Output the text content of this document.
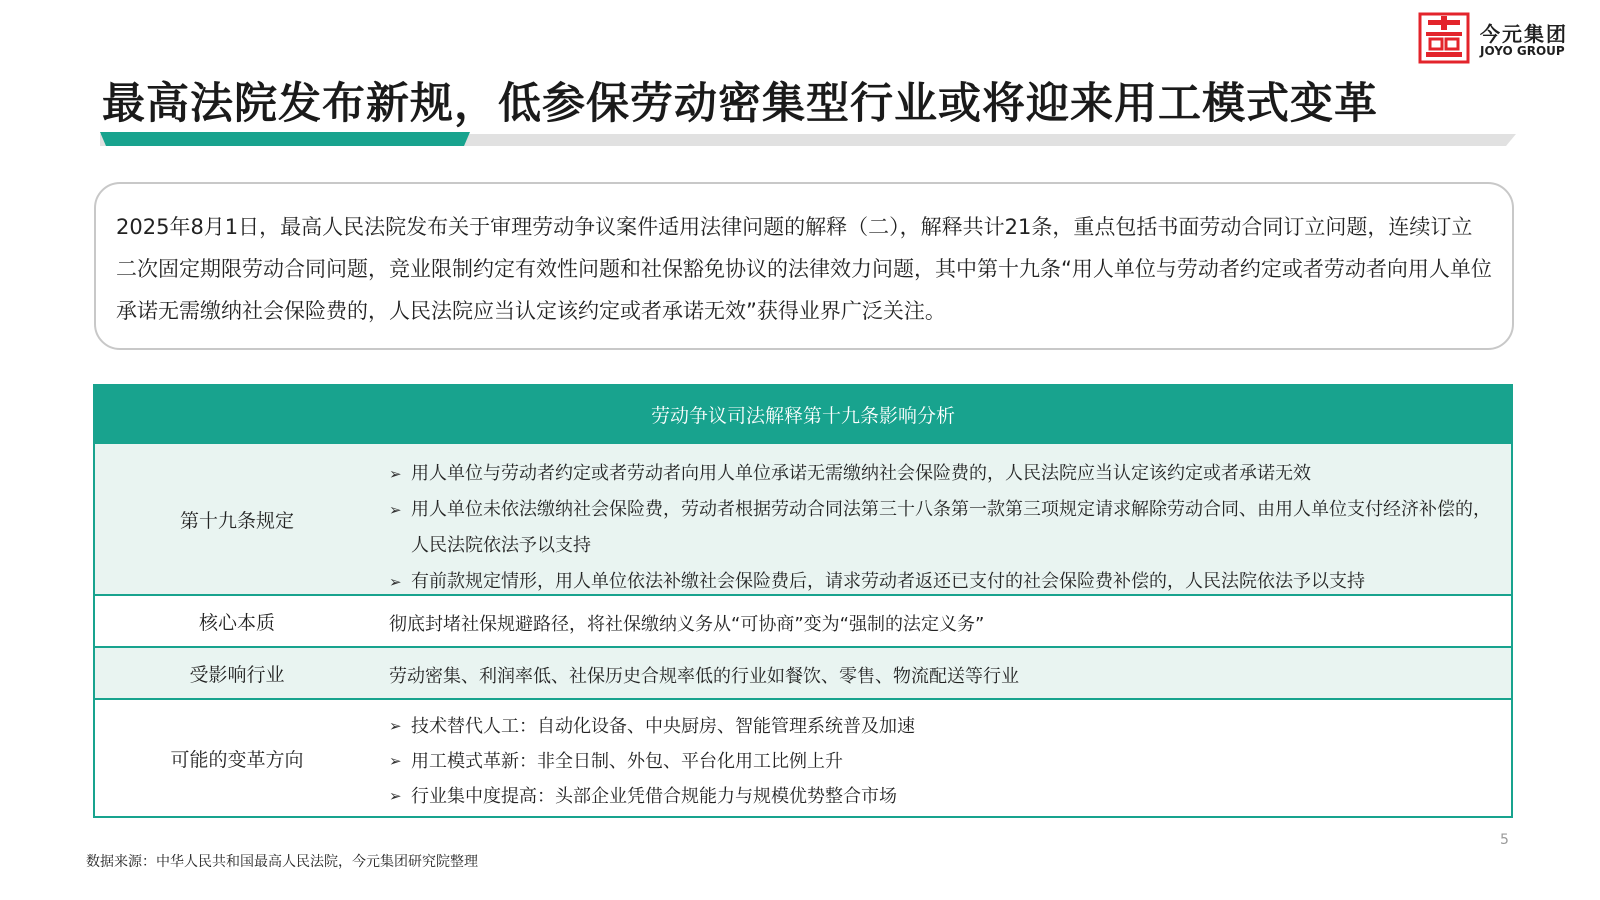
今元集团
JOYO GROUP
最高法院发布新规，低参保劳动密集型行业或将迎来用工模式变革
2025年8月1日，最高人民法院发布关于审理劳动争议案件适用法律问题的解释（二），解释共计21条，重点包括书面劳动合同订立问题，连续订立二次固定期限劳动合同问题，竞业限制约定有效性问题和社保豁免协议的法律效力问题，其中第十九条“用人单位与劳动者约定或者劳动者向用人单位承诺无需缴纳社会保险费的，人民法院应当认定该约定或者承诺无效”获得业界广泛关注。
劳动争议司法解释第十九条影响分析
第十九条规定
➢ 用人单位与劳动者约定或者劳动者向用人单位承诺无需缴纳社会保险费的，人民法院应当认定该约定或者承诺无效
➢ 用人单位未依法缴纳社会保险费，劳动者根据劳动合同法第三十八条第一款第三项规定请求解除劳动合同、由用人单位支付经济补偿的，人民法院依法予以支持
➢ 有前款规定情形，用人单位依法补缴社会保险费后，请求劳动者返还已支付的社会保险费补偿的，人民法院依法予以支持
核心本质	彻底封堵社保规避路径，将社保缴纳义务从“可协商”变为“强制的法定义务”
受影响行业	劳动密集、利润率低、社保历史合规率低的行业如餐饮、零售、物流配送等行业
可能的变革方向
➢ 技术替代人工：自动化设备、中央厨房、智能管理系统普及加速
➢ 用工模式革新：非全日制、外包、平台化用工比例上升
➢ 行业集中度提高：头部企业凭借合规能力与规模优势整合市场
数据来源：中华人民共和国最高人民法院，今元集团研究院整理
5
